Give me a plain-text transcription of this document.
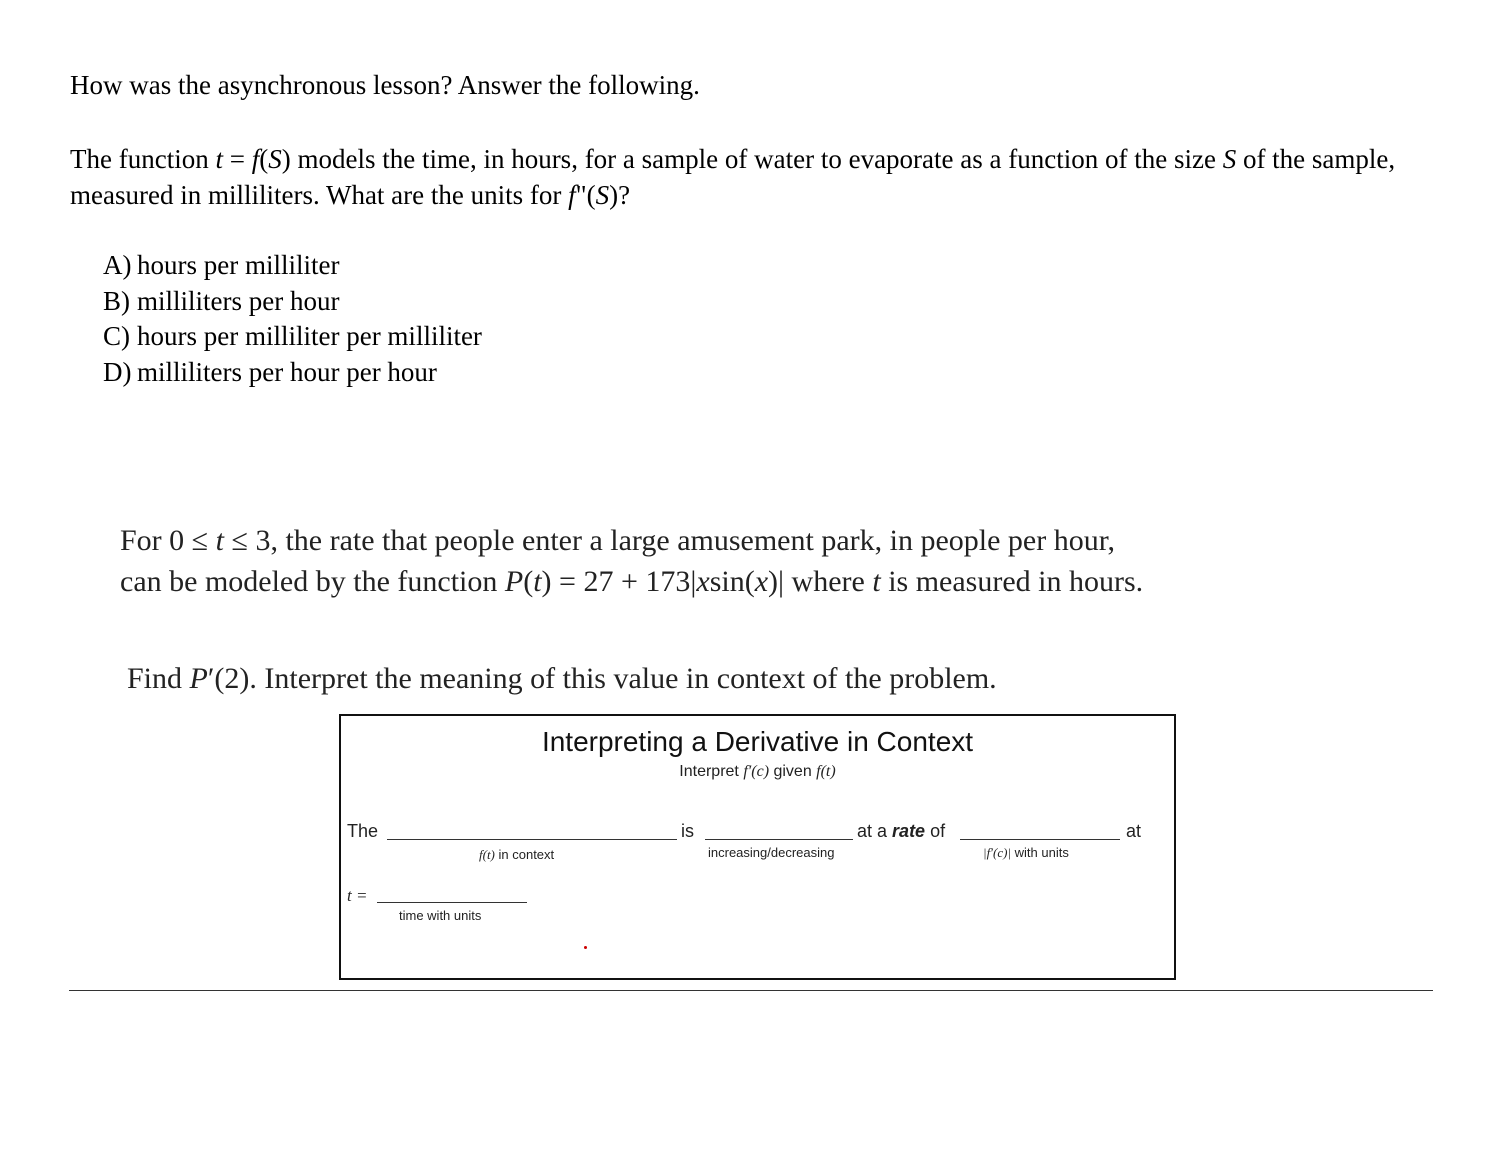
How was the asynchronous lesson? Answer the following.
The function t = f(S) models the time, in hours, for a sample of water to evaporate as a function of the size S of the sample, measured in milliliters. What are the units for f"(S)?
A) hours per milliliter
B) milliliters per hour
C) hours per milliliter per milliliter
D) milliliters per hour per hour
For 0 ≤ t ≤ 3, the rate that people enter a large amusement park, in people per hour,
can be modeled by the function P(t) = 27 + 173|xsin(x)| where t is measured in hours.
Find P′(2). Interpret the meaning of this value in context of the problem.
Interpreting a Derivative in Context
Interpret f′(c) given f(t)
The
f(t) in context
is
increasing/decreasing
at a rate of
|f′(c)| with units
at
t =
time with units
